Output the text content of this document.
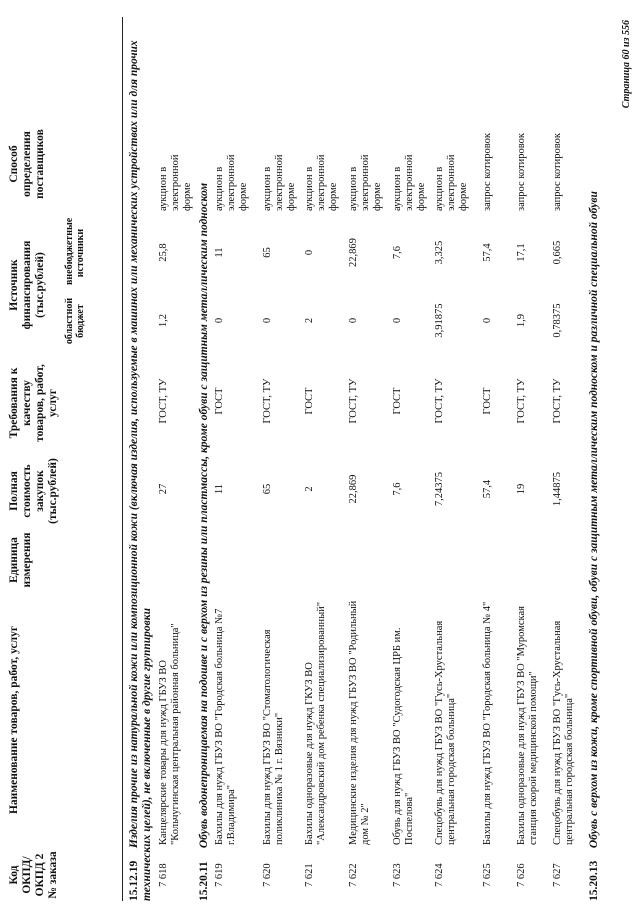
Код ОКПД/ ОКПД 2 № заказа
Наименование товаров, работ, услуг
Единица измерения
Полная стоимость закупок (тыс.рублей)
Требования к качеству товаров, работ, услуг
Источник финансирования (тыс.рублей)
областной бюджет
внебюджетные источники
Способ определения поставщиков
15.12.19 Изделия прочие из натуральной кожи или композиционной кожи (включая изделия, используемые в машинах или механических устройствах или для прочих технических целей), не включенные в другие группировки 7 618
Канцелярские товары для нужд ГБУЗ ВО "Кольчугинская центральная районная больница"
27
ГОСТ, ТУ
1,2
25,8
аукцион в электронной форме
15.20.11 Обувь водонепроницаемая на подошве и с верхом из резины или пластмассы, кроме обуви с защитным металлическим подноском
7 619
Бахилы для нужд ГБУЗ ВО "Городская больница №7 г.Владимира"
11
ГОСТ
0
11
аукцион в электронной форме
7 620
Бахилы для нужд ГБУЗ ВО "Стоматологическая поликлиника № 1 г. Вязники"
65
ГОСТ, ТУ
0
65
аукцион в электронной форме
7 621
Бахилы одноразовые для нужд ГКУЗ ВО "Александровский дом ребенка специализированный"
2
ГОСТ
2
0
аукцион в электронной форме
7 622
Медицинские изделия для нужд ГБУЗ ВО "Родильный дом № 2"
22,869
ГОСТ, ТУ
0
22,869
аукцион в электронной форме
7 623
Обувь для нужд ГБУЗ ВО "Судогодская ЦРБ им. Поспелова"
7,6
ГОСТ
0
7,6
аукцион в электронной форме
7 624
Спецобувь для нужд ГБУЗ ВО "Гусь-Хрустальная центральная городская больница"
7,24375
ГОСТ, ТУ
3,91875
3,325
аукцион в электронной форме
7 625
Бахилы для нужд ГБУЗ ВО "Городская больница № 4"
57,4
ГОСТ
0
57,4
запрос котировок
7 626
Бахилы одноразовые для нужд ГБУЗ ВО "Муромская станция скорой медицинской помощи"
19
ГОСТ, ТУ
1,9
17,1
запрос котировок
7 627
Спецобувь для нужд ГБУЗ ВО "Гусь-Хрустальная центральная городская больница"
1,44875
ГОСТ, ТУ
0,78375
0,665
запрос котировок
15.20.13 Обувь с верхом из кожи, кроме спортивной обуви, обуви с защитным металлическим подноском и различной специальной обуви
Страница 60 из 556
